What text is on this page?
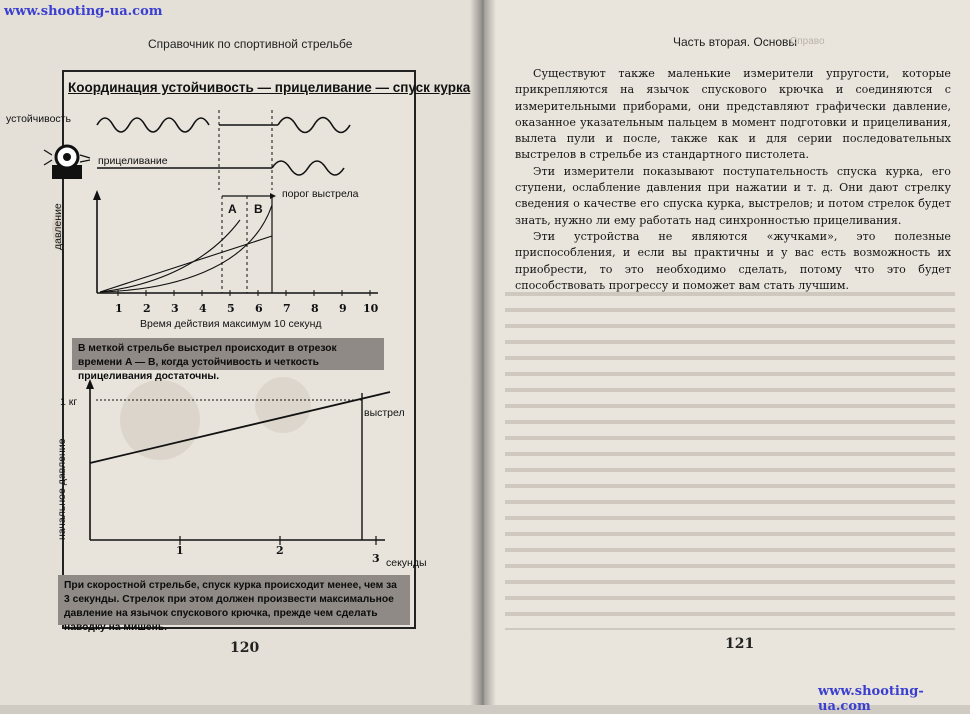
www.shooting-ua.com
www.shooting-ua.com
Справочник по спортивной стрельбе	Часть вторая. Основы
Справо
Координация устойчивость — прицеливание — спуск курка
устойчивость
прицеливание
порог выстрела
A B
давление
1 2 3 4 5 6 7 8 9 10
Время действия максимум 10 секунд
В меткой стрельбе выстрел происходит в отрезок времени A — B, когда устойчивость и четкость прицеливания достаточны.
1 кг
выстрел
начальное давление
1	2
3 секунды
При скоростной стрельбе, спуск курка происходит менее, чем за 3 секунды. Стрелок при этом должен произвести максимальное давление на язычок спускового крючка, прежде чем сделать наводку на мишень.
120	121

Существуют также маленькие измерители упругости, которые прикрепляются на язычок спускового крючка и соединяются с измерительными приборами, они представляют графически давление, оказанное указательным пальцем в момент подготовки и прицеливания, вылета пули и после, также как и для серии последовательных выстрелов в стрельбе из стандартного пистолета.

Эти измерители показывают поступательность спуска курка, его ступени, ослабление давления при нажатии и т. д. Они дают стрелку сведения о качестве его спуска курка, выстрелов; и потом стрелок будет знать, нужно ли ему работать над синхронностью прицеливания.

Эти устройства не являются «жучками», это полезные приспособления, и если вы практичны и у вас есть возможность их приобрести, то это необходимо сделать, потому что это будет способствовать прогрессу и поможет вам стать лучшим.
